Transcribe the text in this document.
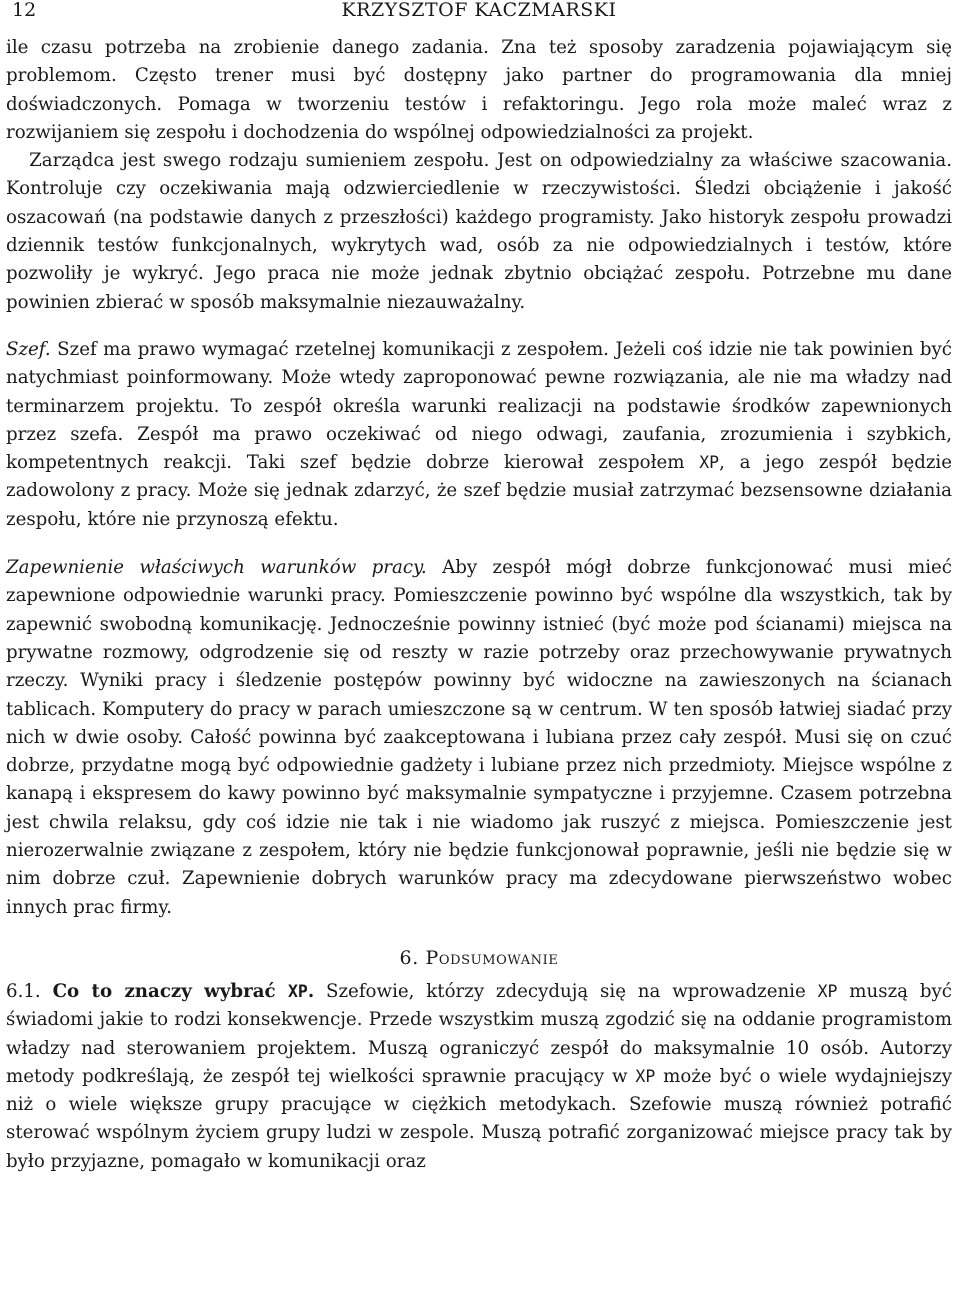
12	KRZYSZTOF KACZMARSKI

ile czasu potrzeba na zrobienie danego zadania. Zna też sposoby zaradzenia pojawiającym się problemom. Często trener musi być dostępny jako partner do programowania dla mniej doświadczonych. Pomaga w tworzeniu testów i refaktoringu. Jego rola może maleć wraz z rozwijaniem się zespołu i dochodzenia do wspólnej odpowiedzialności za projekt.

Zarządca jest swego rodzaju sumieniem zespołu. Jest on odpowiedzialny za właściwe szacowania. Kontroluje czy oczekiwania mają odzwierciedlenie w rzeczywistości. Śledzi obciążenie i jakość oszacowań (na podstawie danych z przeszłości) każdego programisty. Jako historyk zespołu prowadzi dziennik testów funkcjonalnych, wykrytych wad, osób za nie odpowiedzialnych i testów, które pozwoliły je wykryć. Jego praca nie może jednak zbytnio obciążać zespołu. Potrzebne mu dane powinien zbierać w sposób maksymalnie niezauważalny.

Szef. Szef ma prawo wymagać rzetelnej komunikacji z zespołem. Jeżeli coś idzie nie tak powinien być natychmiast poinformowany. Może wtedy zaproponować pewne rozwiązania, ale nie ma władzy nad terminarzem projektu. To zespół określa warunki realizacji na podstawie środków zapewnionych przez szefa. Zespół ma prawo oczekiwać od niego odwagi, zaufania, zrozumienia i szybkich, kompetentnych reakcji. Taki szef będzie dobrze kierował zespołem XP, a jego zespół będzie zadowolony z pracy. Może się jednak zdarzyć, że szef będzie musiał zatrzymać bezsensowne działania zespołu, które nie przynoszą efektu.

Zapewnienie właściwych warunków pracy. Aby zespół mógł dobrze funkcjonować musi mieć zapewnione odpowiednie warunki pracy. Pomieszczenie powinno być wspólne dla wszystkich, tak by zapewnić swobodną komunikację. Jednocześnie powinny istnieć (być może pod ścianami) miejsca na prywatne rozmowy, odgrodzenie się od reszty w razie potrzeby oraz przechowywanie prywatnych rzeczy. Wyniki pracy i śledzenie postępów powinny być widoczne na zawieszonych na ścianach tablicach. Komputery do pracy w parach umieszczone są w centrum. W ten sposób łatwiej siadać przy nich w dwie osoby. Całość powinna być zaakceptowana i lubiana przez cały zespół. Musi się on czuć dobrze, przydatne mogą być odpowiednie gadżety i lubiane przez nich przedmioty. Miejsce wspólne z kanapą i ekspresem do kawy powinno być maksymalnie sympatyczne i przyjemne. Czasem potrzebna jest chwila relaksu, gdy coś idzie nie tak i nie wiadomo jak ruszyć z miejsca. Pomieszczenie jest nierozerwalnie związane z zespołem, który nie będzie funkcjonował poprawnie, jeśli nie będzie się w nim dobrze czuł. Zapewnienie dobrych warunków pracy ma zdecydowane pierwszeństwo wobec innych prac firmy.

6. Podsumowanie

6.1. Co to znaczy wybrać XP. Szefowie, którzy zdecydują się na wprowadzenie XP muszą być świadomi jakie to rodzi konsekwencje. Przede wszystkim muszą zgodzić się na oddanie programistom władzy nad sterowaniem projektem. Muszą ograniczyć zespół do maksymalnie 10 osób. Autorzy metody podkreślają, że zespół tej wielkości sprawnie pracujący w XP może być o wiele wydajniejszy niż o wiele większe grupy pracujące w ciężkich metodykach. Szefowie muszą również potrafić sterować wspólnym życiem grupy ludzi w zespole. Muszą potrafić zorganizować miejsce pracy tak by było przyjazne, pomagało w komunikacji oraz
